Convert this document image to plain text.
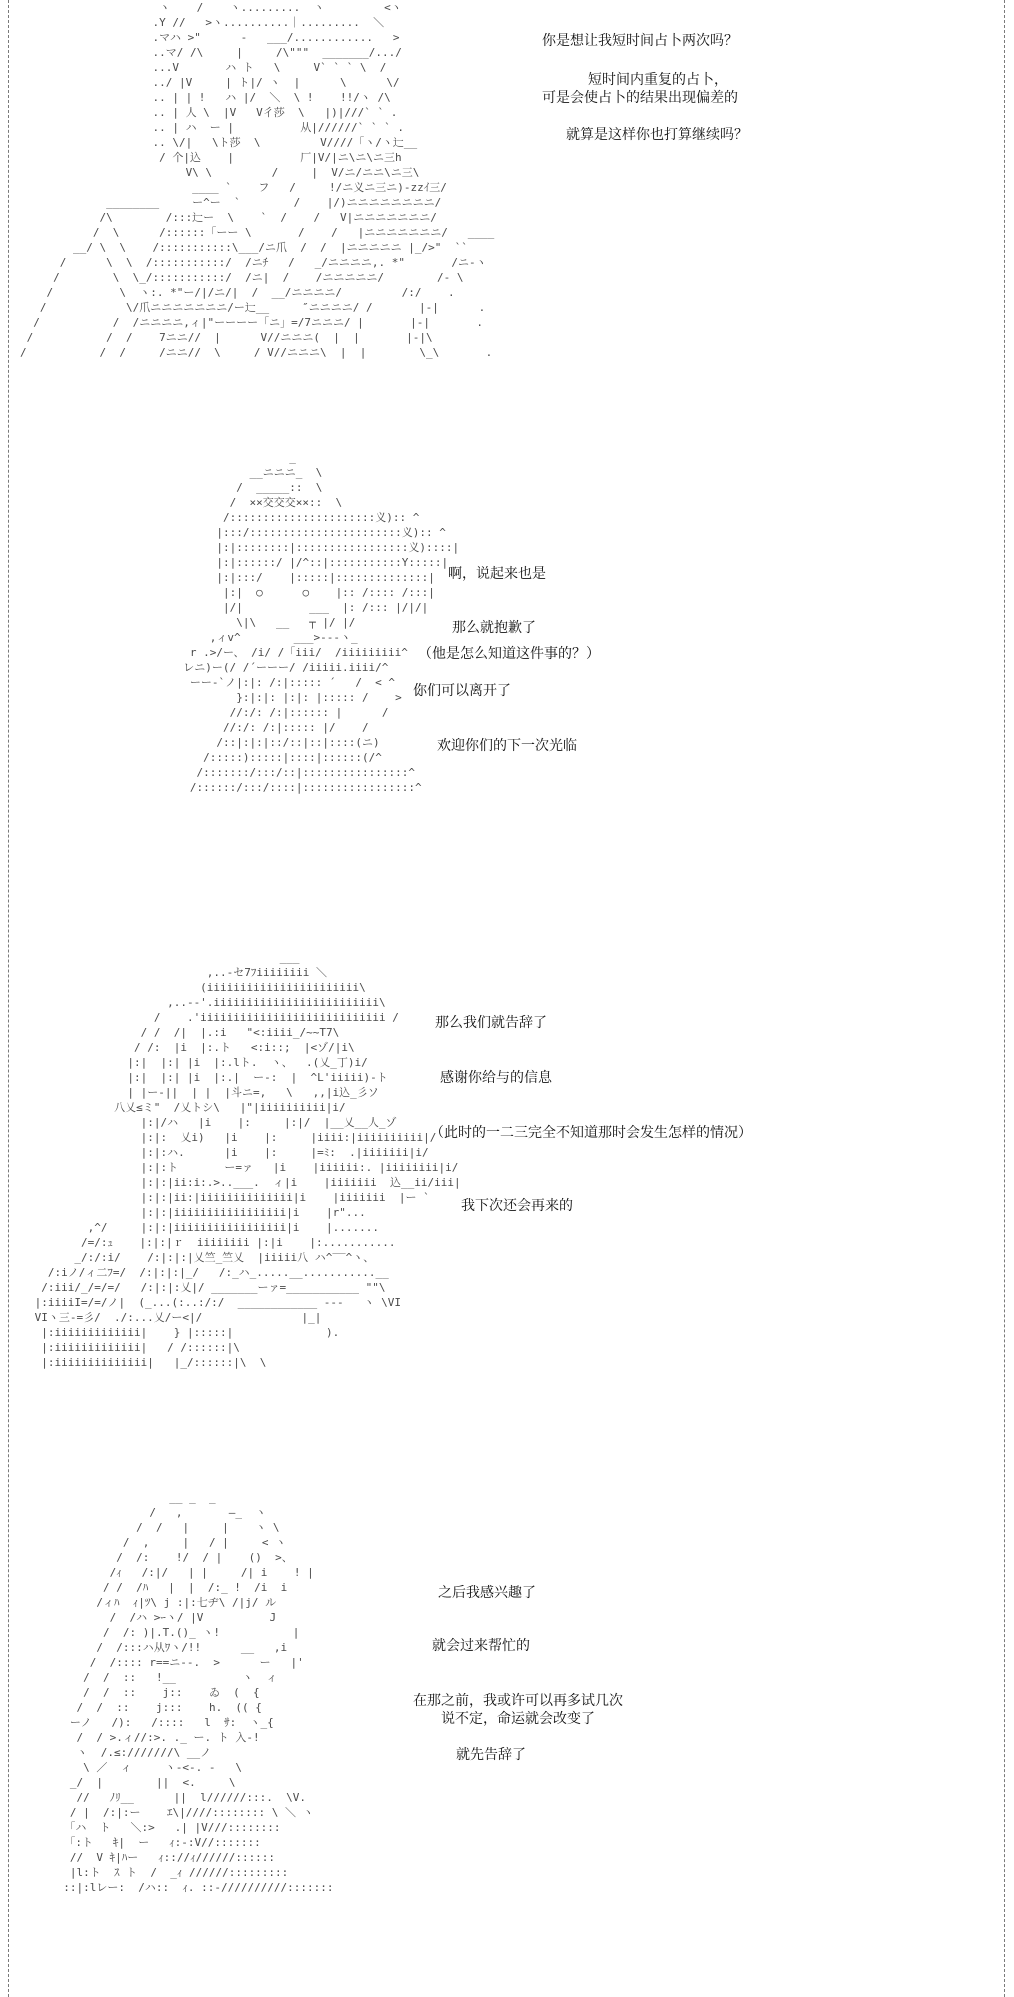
ヽ    /    ヽ.........  ヽ         <ヽ
.Y //   >ヽ..........｜.........  ＼
.マハ >"      -   ___/............   >
..マ/ /\     |     /\"""  _______/.../
...V       ハ ト   \     V` ` ` \  /
../ |V     | ト|/ ヽ  |      \      \/
.. | | !   ハ |/  ＼  \ !    !!/ヽ /\
.. | 人 \  |V   V彳莎  \   |)|///` ` .
.. | ハ  ー |          从|//////` ` ` .
.. \/|   \ト莎  \         V////「ヽ/ヽ辷__
/ 个|込    |          厂|V/|ニ\ニ\ニ三h
V\ \         /     |  V/ニ/ニニ\ニ三\
____ `    フ   /     !/ニ义ニ三ニ)-zzｲ三/
________     ー^ー  `        /    |/)ニニニニニニニニ/
/\        /:::辷ー  \    `  /    /   V|ニニニニニニニ/
/  \      /::::::「ーー \       /    /   |ニニニニニニニ/   ____
__/ \  \    /:::::::::::\___/ニ爪  /  /  |ニニニニニ |_/>"  ``
/      \  \  /:::::::::::/  /ニﾁ   /   _/ニニニニ,. *"       /ニ-ヽ
/        \  \_/:::::::::::/  /ニ|  /    /ニニニニニ/        /- \
/          \  ヽ:. *"ー/|/ニ/|  /  __/ニニニニ/         /:/    .
/            \/爪ニニニニニニニ/ー辷__     ″ニニニニ/ /       |-|      .
/           /  /ニニニニ,ィ|"ーーーー「ニ」=/7ニニニ/ |       |-|       .
/           /  /    7ニニ//  |      V//ニニニ(  |  |       |-|\
/           /  /     /ニニ//  \     / V//ニニニ\  |  |        \_\       .

你是想让我短时间占卜两次吗？
短时间内重复的占卜，
可是会使占卜的结果出现偏差的
就算是这样你也打算继续吗？
_
__ニニニ_  \
/  _____::  \
/  ××交交交××::  \
/::::::::::::::::::::::义):: ^
|:::/:::::::::::::::::::::::义):: ^
|:|::::::::|:::::::::::::::::义)::::|
|:|::::::/ |/^::|:::::::::::Y:::::|
|:|:::/    |:::::|::::::::::::::|
|:|  ○      ○    |:: /:::: /:::|
|/|          ___  |: /::: |/|/|
\|\   __   ┬ |/ |/
,ィv^        ___>---ヽ_
r .>/ー、 /i/ /「iii/  /iiiiiiiii^
レニ)ー(/ /´ーーー/ /iiiii.iiii/^
ーー-`ノ|:|: /:|::::: ´   /  < ^
}:|:|: |:|: |::::: /    >  ^
//:/: /:|:::::: |      /
//:/: /:|::::: |/    /
/::|:|:|::/::|::|::::(ニ)
/:::::):::::|::::|::::::(/^
/:::::::/:::/::|::::::::::::::::^
/::::::/:::/::::|:::::::::::::::::^

啊，说起来也是
那么就抱歉了
（他是怎么知道这件事的？）
你们可以离开了
欢迎你们的下一次光临
___
,..-セ7ﾌiiiiiiii ＼
(iiiiiiiiiiiiiiiiiiiiiii\
,..-‐'.iiiiiiiiiiiiiiiiiiiiiiiii\
/    .'iiiiiiiiiiiiiiiiiiiiiiiiiiii /
/ /  /|  |.:i   "<:iiii_/~~T7\
/ /:  |i  |:.ト   <:i::;  |<ゾ/|i\
|:|  |:| |i  |:.lト.  ヽ、  .(乂_丁)i/
|:|  |:| |i  |:.|  ー-:  |  ^L'iiiii)-ト
| |ー-||  | |  |斗ニ=,   \   ,,|i込_彡ソ
八乂≤ミ"  /乂トシ\   |"|iiiiiiiiii|i/
|:|/ハ   |i    |:     |:|/  |__乂__人_ゾ
|:|:  乂i)   |i    |:     |iiii:|iiiiiiiiii|/
|:|:ハ.      |i    |:     |=ﾐ:  .|iiiiiii|i/
|:|:ト       ー=ァ   |i    |iiiiii:. |iiiiiiii|i/
|:|:|ii:i:.>..___.  ィ|i    |iiiiiii  込__ii/iii|
|:|:|ii:|iiiiiiiiiiiiii|i    |iiiiiii  |ー `
|:|:|iiiiiiiiiiiiiiiii|i    |r"...
,^/     |:|:|iiiiiiiiiiiiiiiii|i    |.......
/=/:ｭ    |:|:|ｒ  iiiiiiii |:|i    |:...........
_/:/:i/    /:|:|:|乂竺_竺乂  |iiiii八 ハ^‾‾^ヽ、
/:iノ/ィ二ﾌ=/  /:|:|:|_/   /:_ハ_.....__...........__
/:iii/_/=/=/   /:|:|:乂|/ _______ーァ=___________ ""\
|:iiiiI=/=/ノ|  (_...(:..:/:/  ____________ ---   ヽ \VI
VIヽ三-=彡/  ./:...乂/ー<|/               |_|
|:iiiiiiiiiiiii|    } |:::::|              ).
|:iiiiiiiiiiiii|   / /::::::|\
|:iiiiiiiiiiiiii|   |_/::::::|\  \

那么我们就告辞了
感谢你给与的信息
（此时的一二三完全不知道那时会发生怎样的情况）
我下次还会再来的
__ _  _
/   ,       ―_  ヽ
/  /   |     |    ヽ \
/  ,     |   / |     < ヽ
/  /:    !/  / |    ()  >、
/ｨ   /:|/   | |     /| i    ! |
/ /  /ﾊ   |  |  /:_ !  /i  i
/ィﾊ  ｨ|ﾂ\ j :|:七ヂ\ /|j/ ル
/  /ハ >ｰヽ/ |V          J
/  /: )|.T.()_ ヽ!           |
/  /:::ハ从ﾜヽ/!!      __   ,i
/  /:::: r==ニ--.  >      ー   |'
/  /  ::   !__          ヽ  ィ
/  /  ::    j::    ゐ  (  {
/  /  ::    j:::    h.  (( {
ーノ   /):   /::::   l  ｻ:  ヽ_{
/  / >.ィ//:>. ._ ー. ト 入‐!
ヽ  /.≤:///////\ __ノ
\ ／  ィ     ヽ-<-. -   \
_/  |        ||  <.     \
//   ﾉﾘ__      ||  l//////:::.  \V.
/ |  /:|:ー    ｴ\|////:::::::: \ ＼ ヽ
｢ハ  ト   ＼:>   .| |V///::::::::
｢:ト   ｷ|  ー   ｨ:-:V//:::::::
//  V ｷ|ﾊー   ｨ:://ｨ//////::::::
|l:ト  ｽ ト  /  _ｨ //////:::::::::
::|:lレー:  /ハ::  ｨ. ::-//////////:::::::

之后我感兴趣了
就会过来帮忙的
在那之前，我或许可以再多试几次
说不定，命运就会改变了
就先告辞了
